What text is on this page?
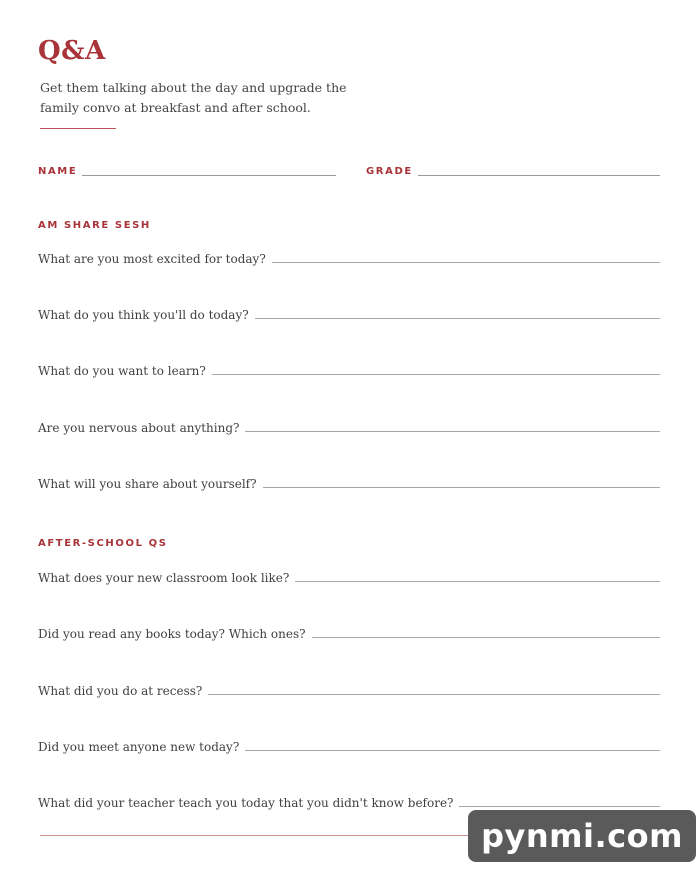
Q&A
Get them talking about the day and upgrade the family convo at breakfast and after school.
NAME	GRADE
AM SHARE SESH
What are you most excited for today?
What do you think you'll do today?
What do you want to learn?
Are you nervous about anything?
What will you share about yourself?
AFTER-SCHOOL QS
What does your new classroom look like?
Did you read any books today? Which ones?
What did you do at recess?
Did you meet anyone new today?
What did your teacher teach you today that you didn't know before?
pynmi.com
